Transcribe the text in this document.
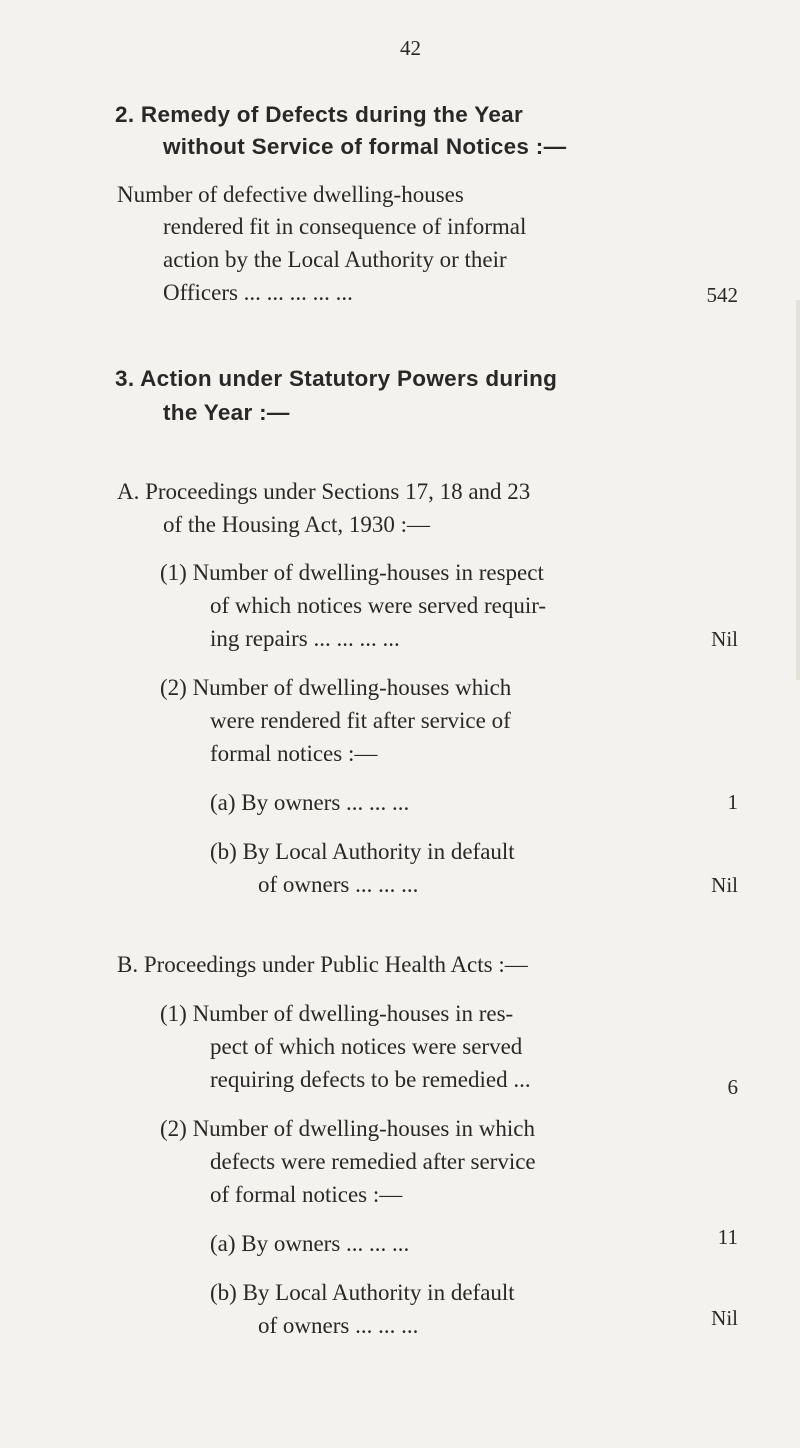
42
2. Remedy of Defects during the Year
without Service of formal Notices :—
Number of defective dwelling-houses
rendered fit in consequence of informal
action by the Local Authority or their
Officers ... ... ... ... ...	542
3. Action under Statutory Powers during
the Year :—
A. Proceedings under Sections 17, 18 and 23
of the Housing Act, 1930 :—
(1) Number of dwelling-houses in respect
of which notices were served requir-
ing repairs ... ... ... ...	Nil
(2) Number of dwelling-houses which
were rendered fit after service of
formal notices :—
(a) By owners ... ... ...	1
(b) By Local Authority in default
of owners ... ... ...	Nil
B. Proceedings under Public Health Acts :—
(1) Number of dwelling-houses in res-
pect of which notices were served
requiring defects to be remedied ...	6
(2) Number of dwelling-houses in which
defects were remedied after service
of formal notices :—
(a) By owners ... ... ...	11
(b) By Local Authority in default
of owners ... ... ...	Nil
